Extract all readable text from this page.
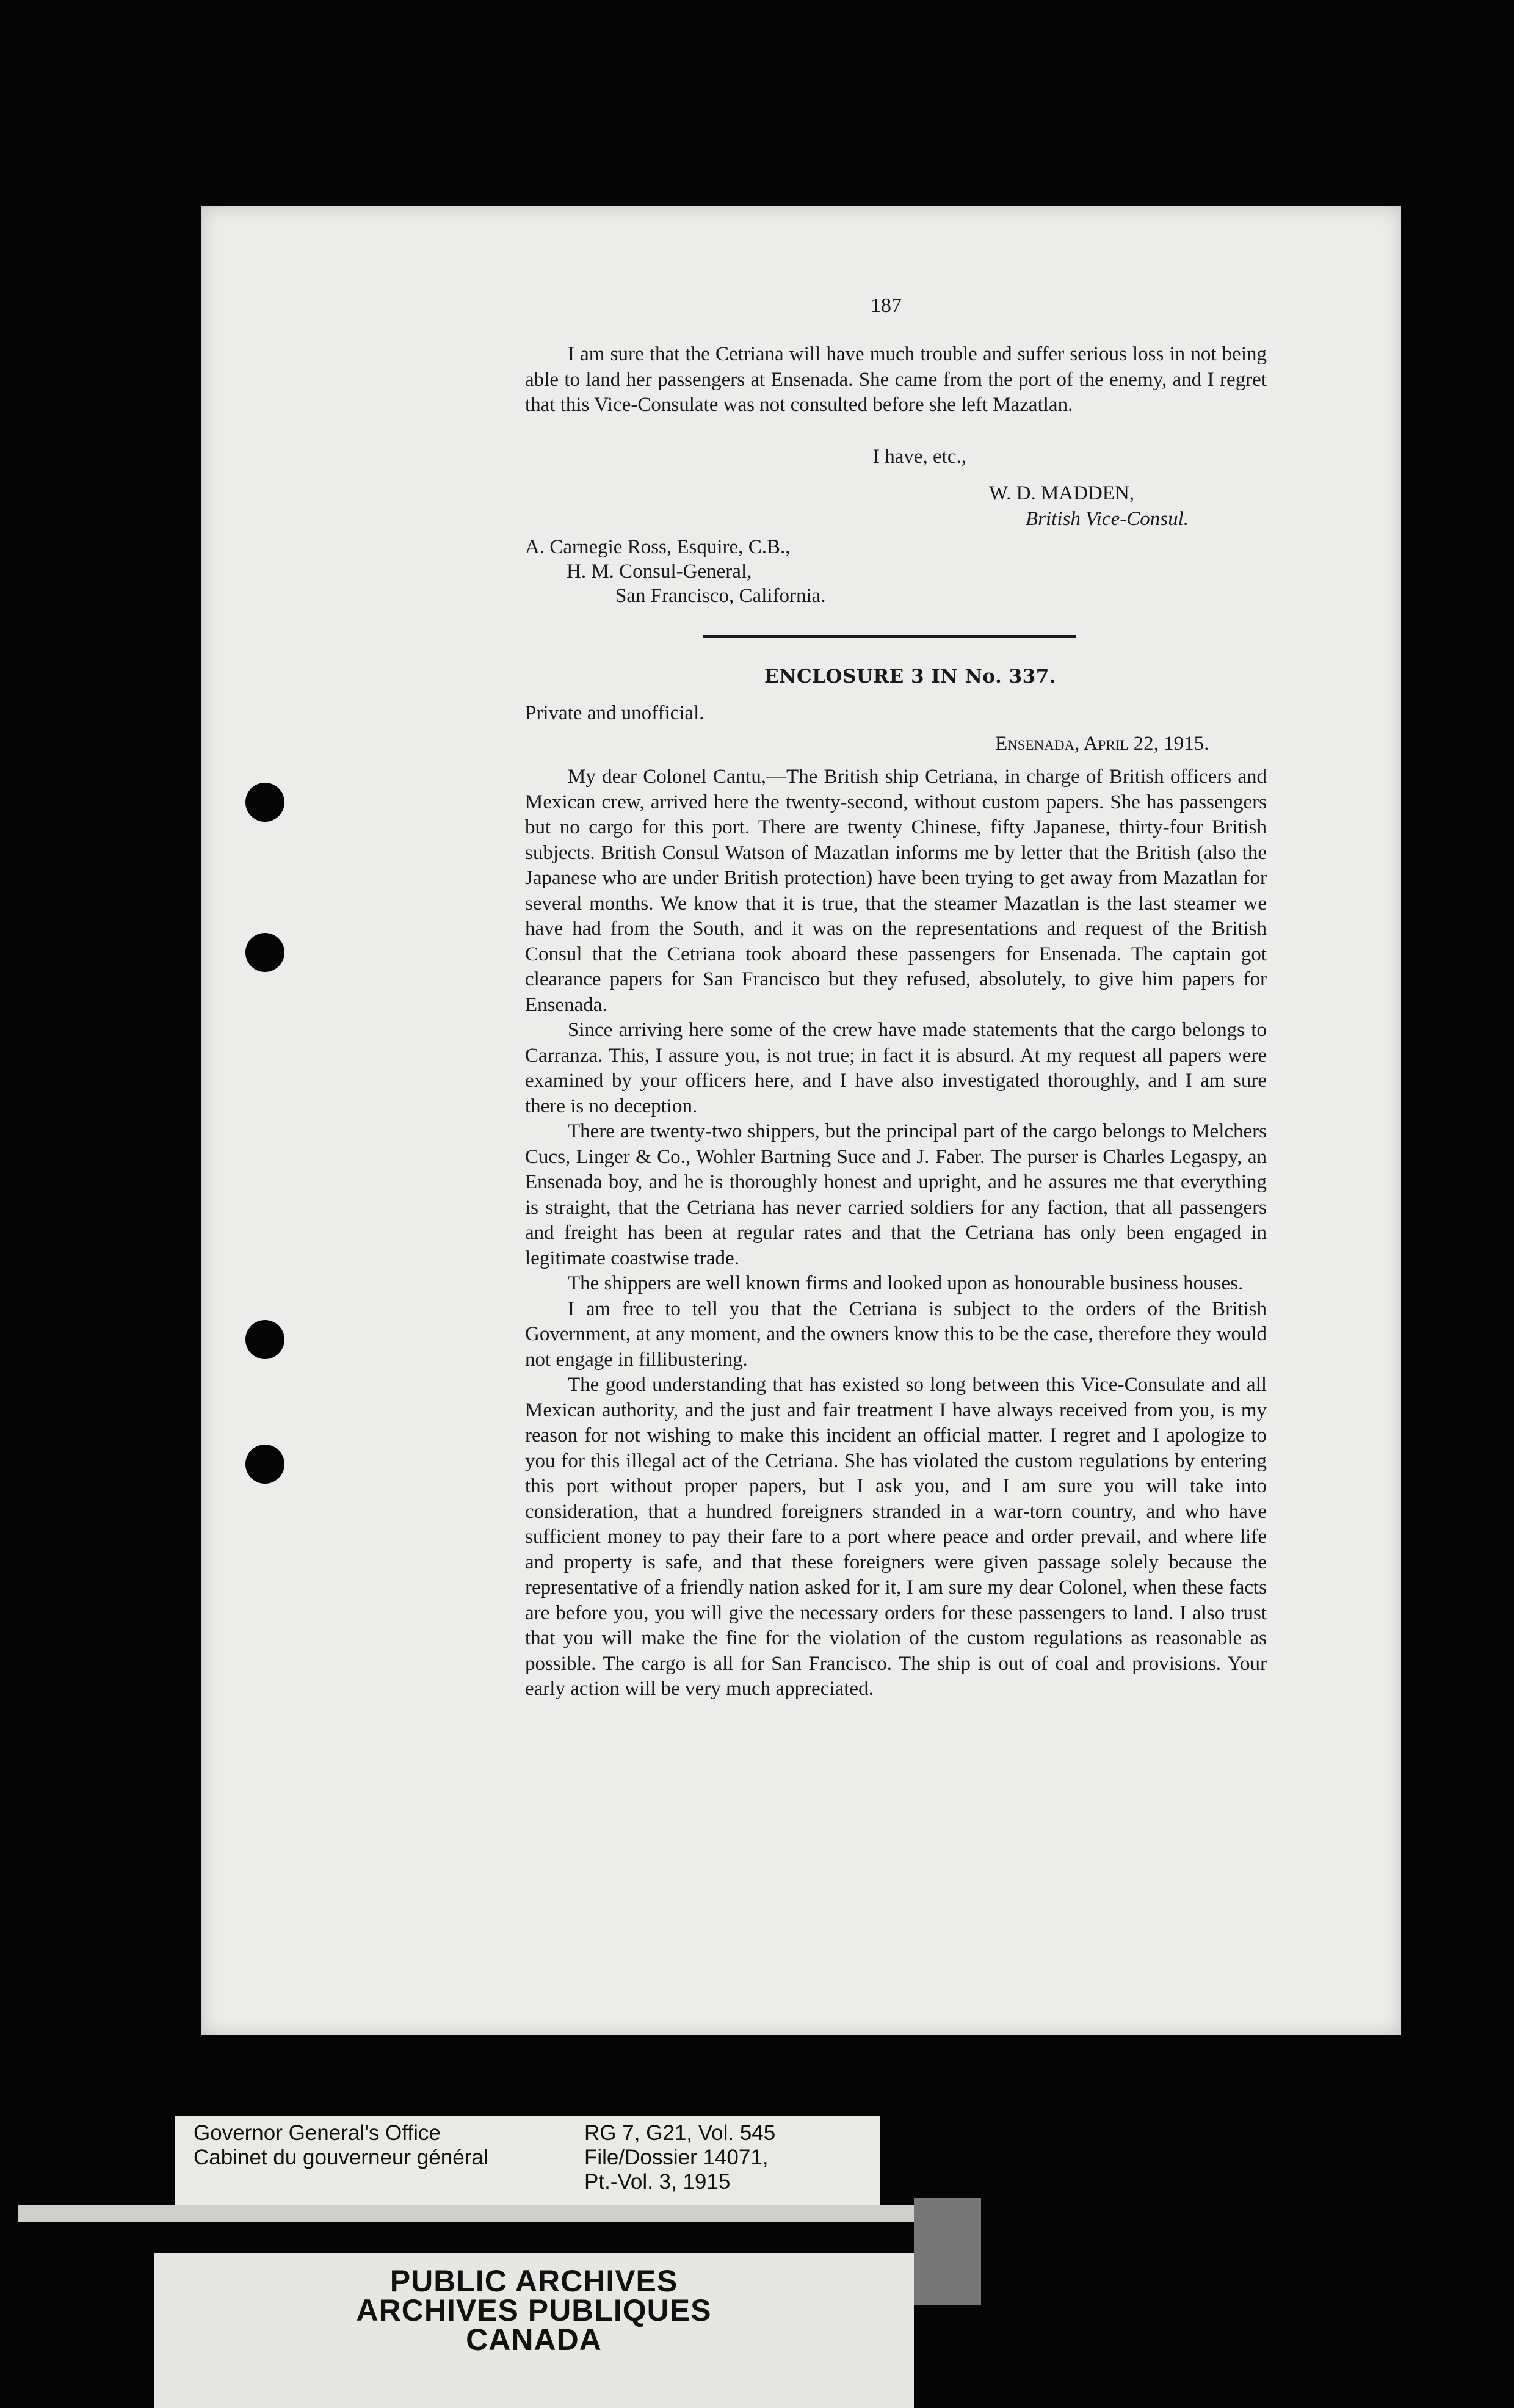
187

I am sure that the Cetriana will have much trouble and suffer serious loss in not being able to land her passengers at Ensenada. She came from the port of the enemy, and I regret that this Vice-Consulate was not consulted before she left Mazatlan.

I have, etc.,
W. D. MADDEN,
British Vice-Consul.
A. Carnegie Ross, Esquire, C.B.,
H. M. Consul-General,
San Francisco, California.
ENCLOSURE 3 IN No. 337.
Private and unofficial.
Ensenada, April 22, 1915.

My dear Colonel Cantu,—The British ship Cetriana, in charge of British officers and Mexican crew, arrived here the twenty-second, without custom papers. She has passengers but no cargo for this port. There are twenty Chinese, fifty Japanese, thirty-four British subjects. British Consul Watson of Mazatlan informs me by letter that the British (also the Japanese who are under British protection) have been trying to get away from Mazatlan for several months. We know that it is true, that the steamer Mazatlan is the last steamer we have had from the South, and it was on the representations and request of the British Consul that the Cetriana took aboard these passengers for Ensenada. The captain got clearance papers for San Francisco but they refused, absolutely, to give him papers for Ensenada.

Since arriving here some of the crew have made statements that the cargo belongs to Carranza. This, I assure you, is not true; in fact it is absurd. At my request all papers were examined by your officers here, and I have also investigated thoroughly, and I am sure there is no deception.

There are twenty-two shippers, but the principal part of the cargo belongs to Melchers Cucs, Linger & Co., Wohler Bartning Suce and J. Faber. The purser is Charles Legaspy, an Ensenada boy, and he is thoroughly honest and upright, and he assures me that everything is straight, that the Cetriana has never carried soldiers for any faction, that all passengers and freight has been at regular rates and that the Cetriana has only been engaged in legitimate coastwise trade.

The shippers are well known firms and looked upon as honourable business houses.

I am free to tell you that the Cetriana is subject to the orders of the British Government, at any moment, and the owners know this to be the case, therefore they would not engage in fillibustering.

The good understanding that has existed so long between this Vice-Consulate and all Mexican authority, and the just and fair treatment I have always received from you, is my reason for not wishing to make this incident an official matter. I regret and I apologize to you for this illegal act of the Cetriana. She has violated the custom regulations by entering this port without proper papers, but I ask you, and I am sure you will take into consideration, that a hundred foreigners stranded in a war-torn country, and who have sufficient money to pay their fare to a port where peace and order prevail, and where life and property is safe, and that these foreigners were given passage solely because the representative of a friendly nation asked for it, I am sure my dear Colonel, when these facts are before you, you will give the necessary orders for these passengers to land. I also trust that you will make the fine for the violation of the custom regulations as reasonable as possible. The cargo is all for San Francisco. The ship is out of coal and provisions. Your early action will be very much appreciated.

Governor General's Office
Cabinet du gouverneur général
RG 7, G21, Vol. 545
File/Dossier 14071,
Pt.-Vol. 3, 1915
PUBLIC ARCHIVES
ARCHIVES PUBLIQUES
CANADA
